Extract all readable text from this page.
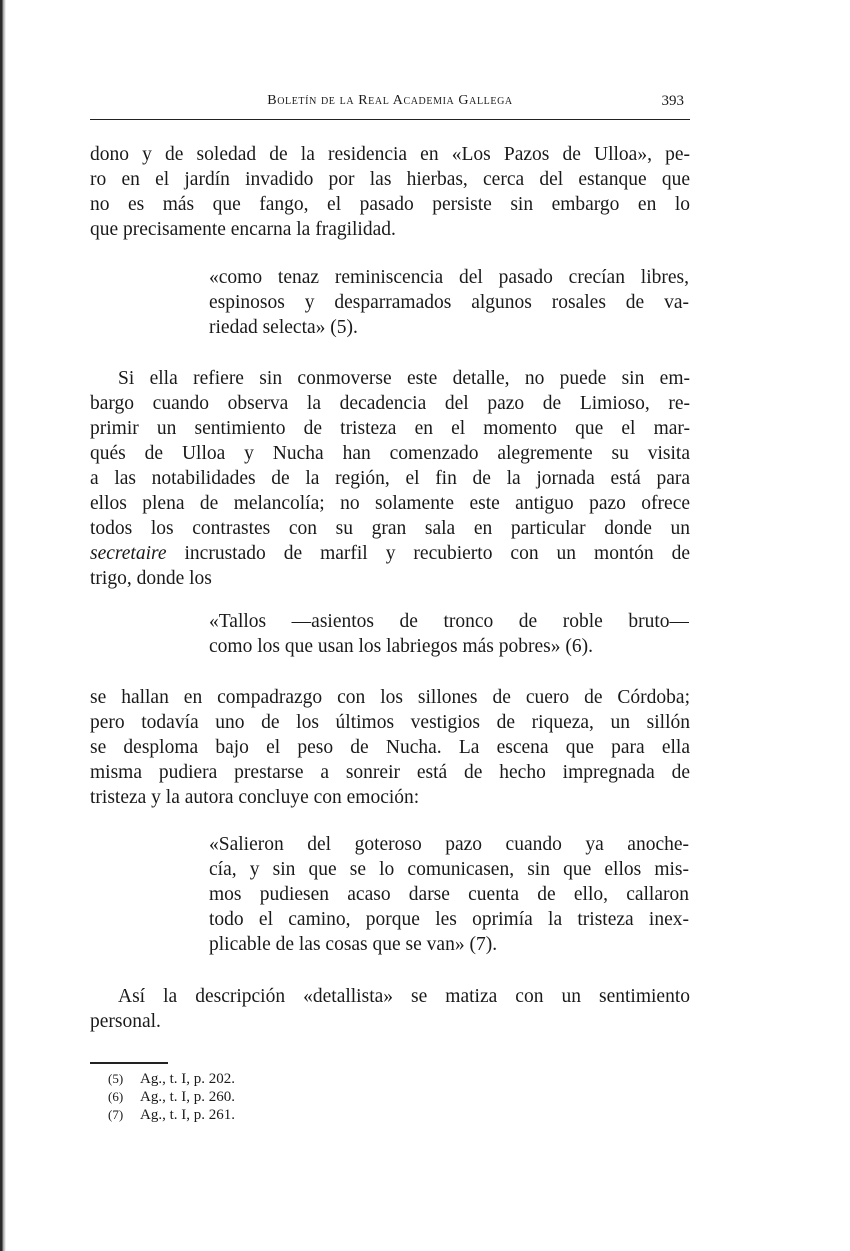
Boletín de la Real Academia Gallega	393
dono y de soledad de la residencia en «Los Pazos de Ulloa», pe-
ro en el jardín invadido por las hierbas, cerca del estanque que
no es más que fango, el pasado persiste sin embargo en lo
que precisamente encarna la fragilidad.
«como tenaz reminiscencia del pasado crecían libres,
espinosos y desparramados algunos rosales de va-
riedad selecta» (5).
Si ella refiere sin conmoverse este detalle, no puede sin em-
bargo cuando observa la decadencia del pazo de Limioso, re-
primir un sentimiento de tristeza en el momento que el mar-
qués de Ulloa y Nucha han comenzado alegremente su visita
a las notabilidades de la región, el fin de la jornada está para
ellos plena de melancolía; no solamente este antiguo pazo ofrece
todos los contrastes con su gran sala en particular donde un
secretaire incrustado de marfil y recubierto con un montón de
trigo, donde los
«Tallos —asientos de tronco de roble bruto—
como los que usan los labriegos más pobres» (6).
se hallan en compadrazgo con los sillones de cuero de Córdoba;
pero todavía uno de los últimos vestigios de riqueza, un sillón
se desploma bajo el peso de Nucha. La escena que para ella
misma pudiera prestarse a sonreir está de hecho impregnada de
tristeza y la autora concluye con emoción:
«Salieron del goteroso pazo cuando ya anoche-
cía, y sin que se lo comunicasen, sin que ellos mis-
mos pudiesen acaso darse cuenta de ello, callaron
todo el camino, porque les oprimía la tristeza inex-
plicable de las cosas que se van» (7).
Así la descripción «detallista» se matiza con un sentimiento
personal.
(5) Ag., t. I, p. 202.
(6) Ag., t. I, p. 260.
(7) Ag., t. I, p. 261.
